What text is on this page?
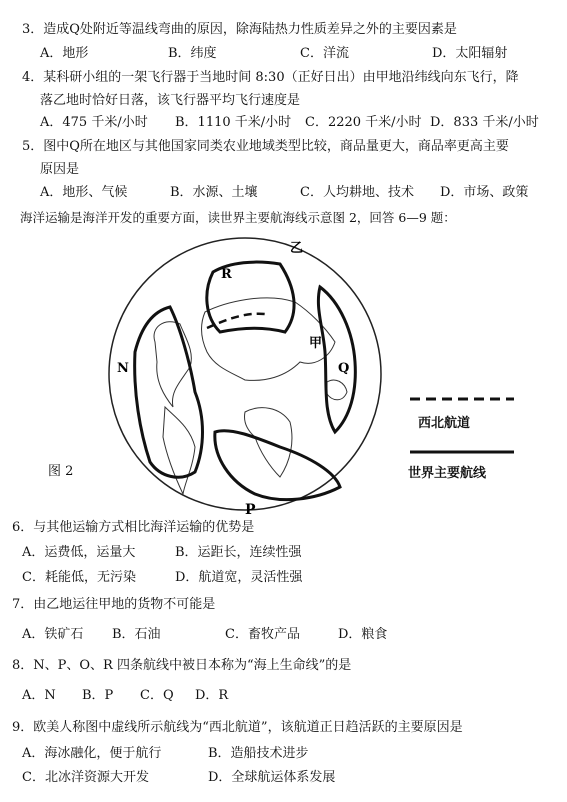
3．造成Q处附近等温线弯曲的原因，除海陆热力性质差异之外的主要因素是
A．地形	B．纬度	C．洋流	D．太阳辐射
4．某科研小组的一架飞行器于当地时间 8:30（正好日出）由甲地沿纬线向东飞行，降
落乙地时恰好日落，该飞行器平均飞行速度是
A．475 千米/小时 B．1110 千米/小时 C．2220 千米/小时 D．833 千米/小时
5．图中Q所在地区与其他国家同类农业地域类型比较，商品量更大，商品率更高主要
原因是
A．地形、气候	B．水源、土壤	C．人均耕地、技术 D．市场、政策
海洋运输是海洋开发的重要方面，读世界主要航海线示意图 2，回答 6—9 题：
R
N
P
Q
乙
甲
图 2
西北航道
世界主要航线
6．与其他运输方式相比海洋运输的优势是
A．运费低，运量大	B．运距长，连续性强
C．耗能低，无污染	D．航道宽，灵活性强
7．由乙地运往甲地的货物不可能是
A．铁矿石 B．石油	C．畜牧产品	D．粮食
8．N、P、O、R 四条航线中被日本称为“海上生命线”的是
A．N B．P C．Q D．R
9．欧美人称图中虚线所示航线为“西北航道”，该航道正日趋活跃的主要原因是
A．海冰融化，便于航行	B．造船技术进步
C．北冰洋资源大开发	D．全球航运体系发展
